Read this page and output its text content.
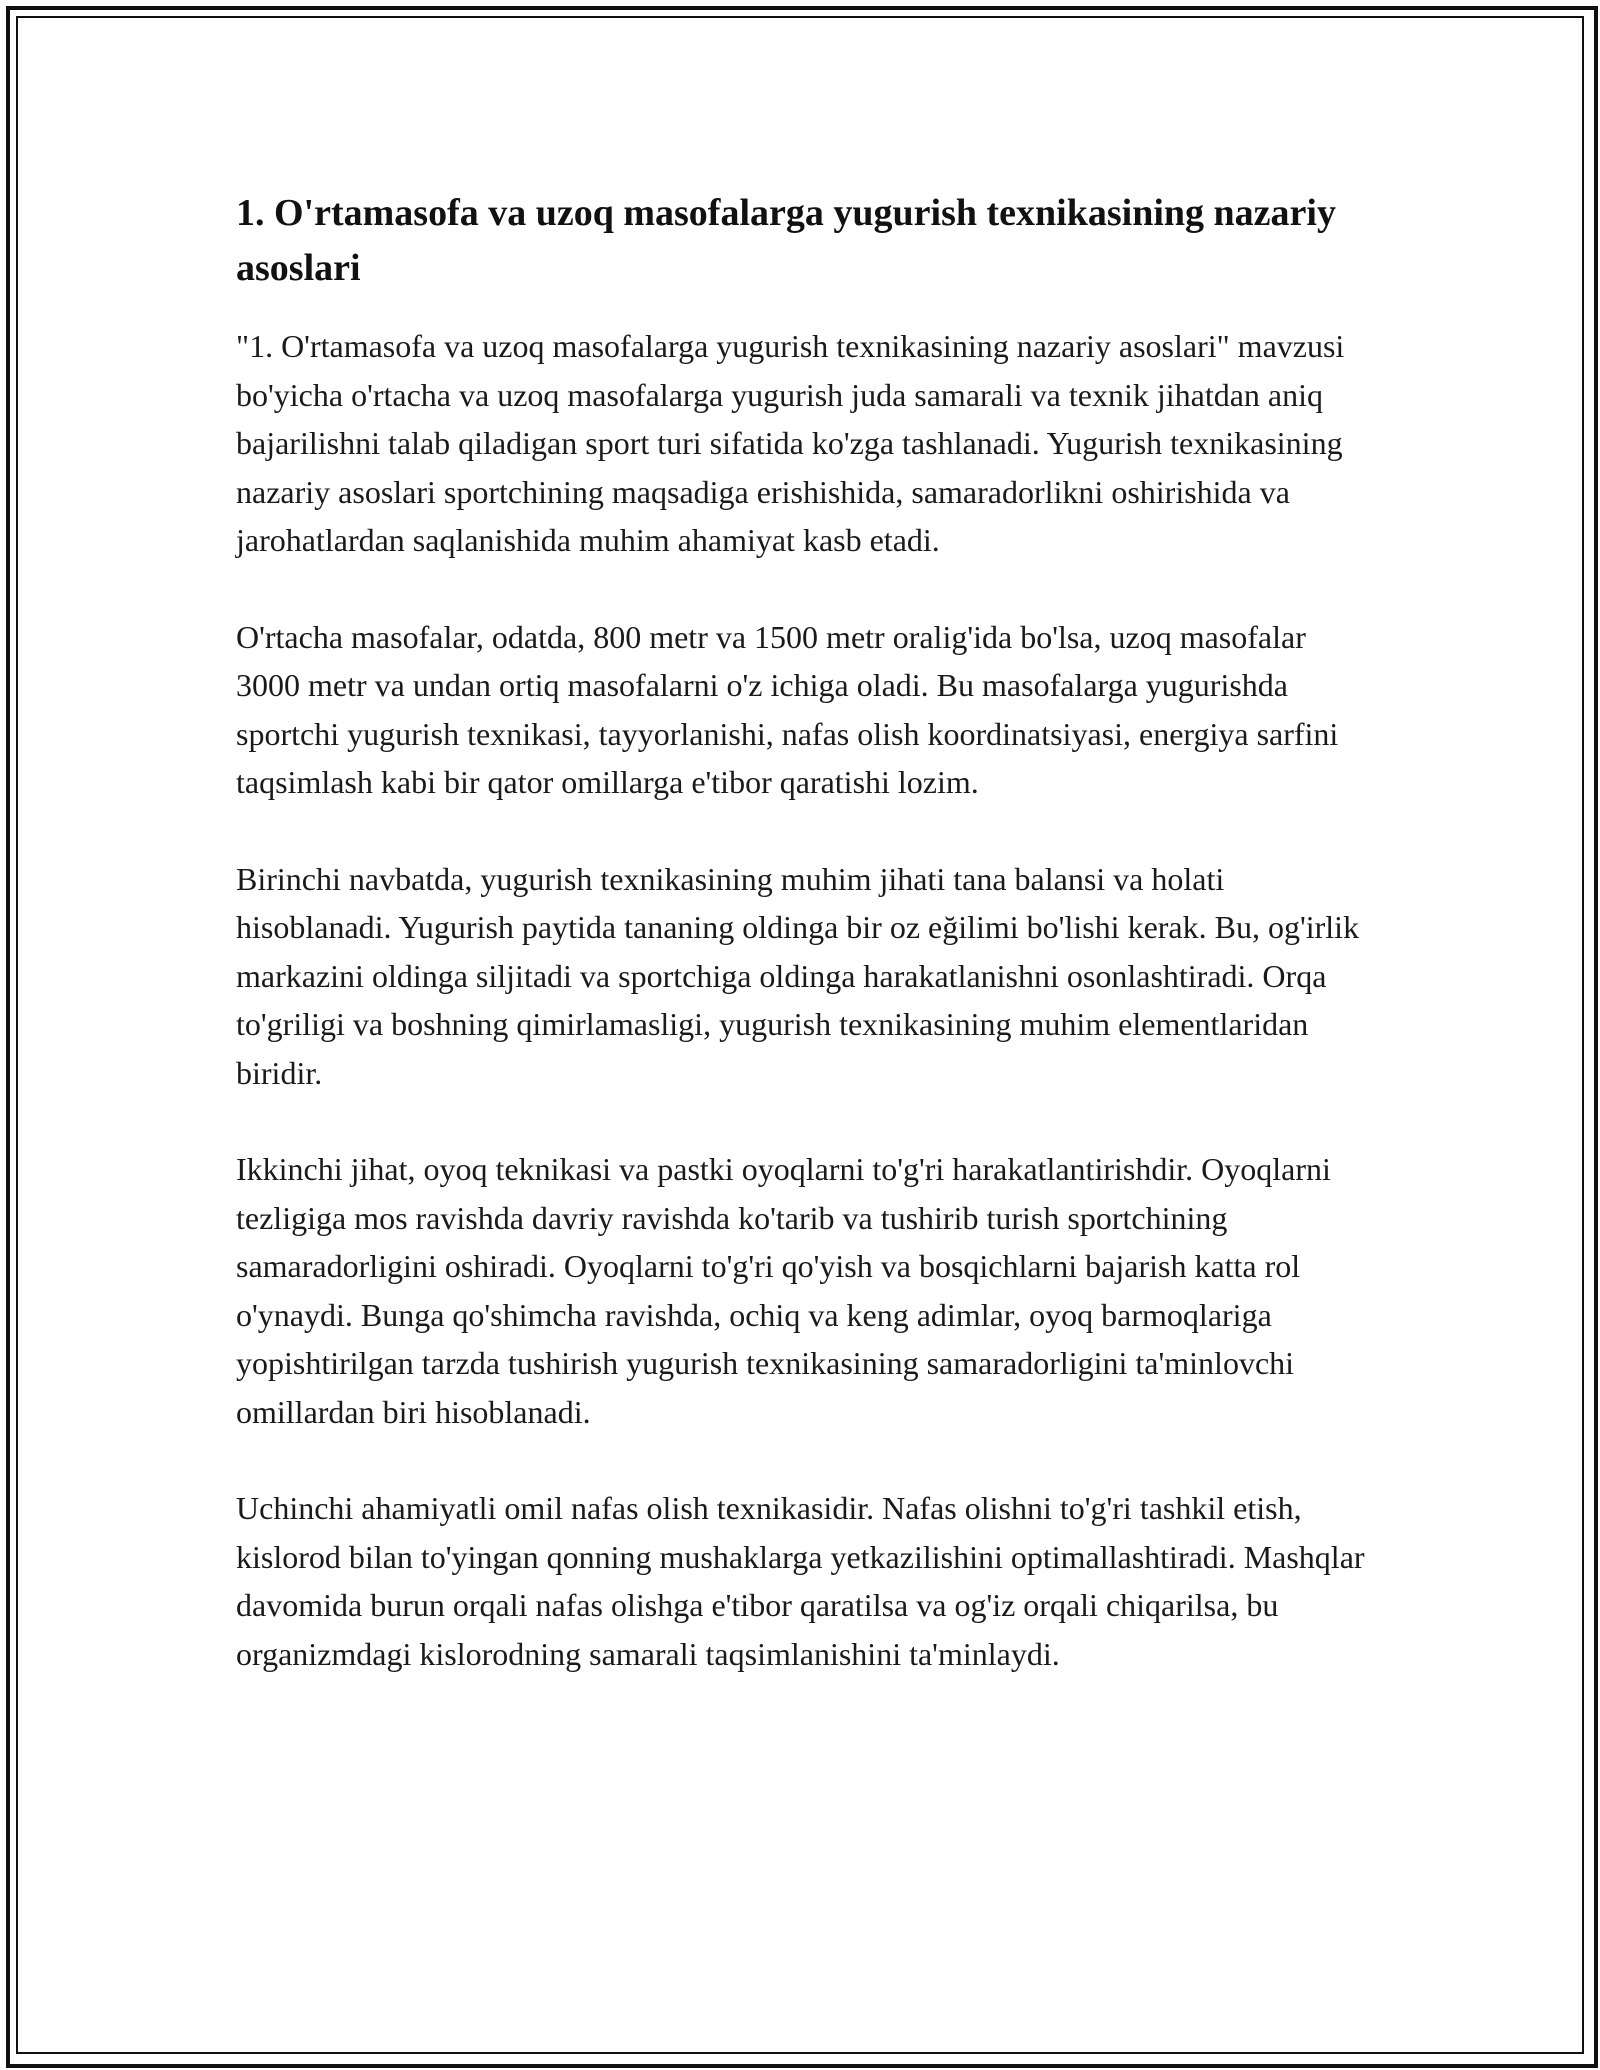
1. O'rtamasofa va uzoq masofalarga yugurish texnikasining nazariy asoslari

"1. O'rtamasofa va uzoq masofalarga yugurish texnikasining nazariy asoslari" mavzusi bo'yicha o'rtacha va uzoq masofalarga yugurish juda samarali va texnik jihatdan aniq bajarilishni talab qiladigan sport turi sifatida ko'zga tashlanadi. Yugurish texnikasining nazariy asoslari sportchining maqsadiga erishishida, samaradorlikni oshirishida va jarohatlardan saqlanishida muhim ahamiyat kasb etadi.

O'rtacha masofalar, odatda, 800 metr va 1500 metr oralig'ida bo'lsa, uzoq masofalar 3000 metr va undan ortiq masofalarni o'z ichiga oladi. Bu masofalarga yugurishda sportchi yugurish texnikasi, tayyorlanishi, nafas olish koordinatsiyasi, energiya sarfini taqsimlash kabi bir qator omillarga e'tibor qaratishi lozim.

Birinchi navbatda, yugurish texnikasining muhim jihati tana balansi va holati hisoblanadi. Yugurish paytida tananing oldinga bir oz eğilimi bo'lishi kerak. Bu, og'irlik markazini oldinga siljitadi va sportchiga oldinga harakatlanishni osonlashtiradi. Orqa to'griligi va boshning qimirlamasligi, yugurish texnikasining muhim elementlaridan biridir.

Ikkinchi jihat, oyoq teknikasi va pastki oyoqlarni to'g'ri harakatlantirishdir. Oyoqlarni tezligiga mos ravishda davriy ravishda ko'tarib va tushirib turish sportchining samaradorligini oshiradi. Oyoqlarni to'g'ri qo'yish va bosqichlarni bajarish katta rol o'ynaydi. Bunga qo'shimcha ravishda, ochiq va keng adimlar, oyoq barmoqlariga yopishtirilgan tarzda tushirish yugurish texnikasining samaradorligini ta'minlovchi omillardan biri hisoblanadi.

Uchinchi ahamiyatli omil nafas olish texnikasidir. Nafas olishni to'g'ri tashkil etish, kislorod bilan to'yingan qonning mushaklarga yetkazilishini optimallashtiradi. Mashqlar davomida burun orqali nafas olishga e'tibor qaratilsa va og'iz orqali chiqarilsa, bu organizmdagi kislorodning samarali taqsimlanishini ta'minlaydi.
